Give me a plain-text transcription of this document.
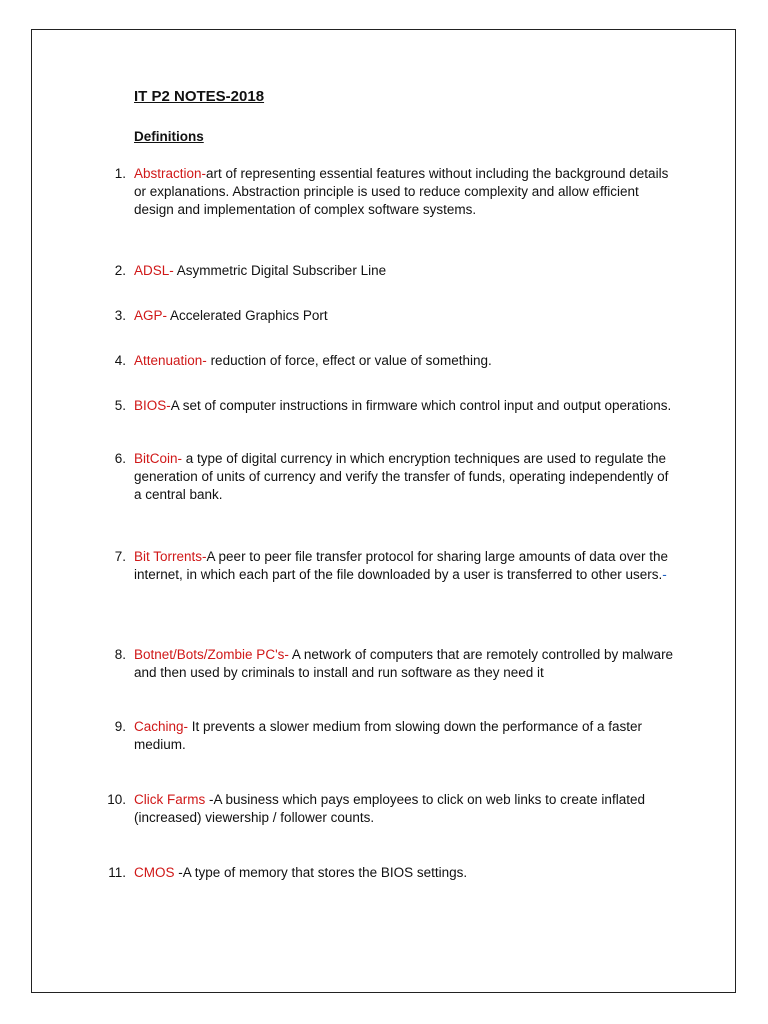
IT P2 NOTES-2018
Definitions
1. Abstraction-art of representing essential features without including the background details or explanations. Abstraction principle is used to reduce complexity and allow efficient design and implementation of complex software systems.
2. ADSL- Asymmetric Digital Subscriber Line
3. AGP- Accelerated Graphics Port
4. Attenuation- reduction of force, effect or value of something.
5. BIOS-A set of computer instructions in firmware which control input and output operations.
6. BitCoin- a type of digital currency in which encryption techniques are used to regulate the generation of units of currency and verify the transfer of funds, operating independently of a central bank.
7. Bit Torrents-A peer to peer file transfer protocol for sharing large amounts of data over the internet, in which each part of the file downloaded by a user is transferred to other users.-
8. Botnet/Bots/Zombie PC's- A network of computers that are remotely controlled by malware and then used by criminals to install and run software as they need it
9. Caching- It prevents a slower medium from slowing down the performance of a faster medium.
10. Click Farms -A business which pays employees to click on web links to create inflated (increased) viewership / follower counts.
11. CMOS -A type of memory that stores the BIOS settings.
